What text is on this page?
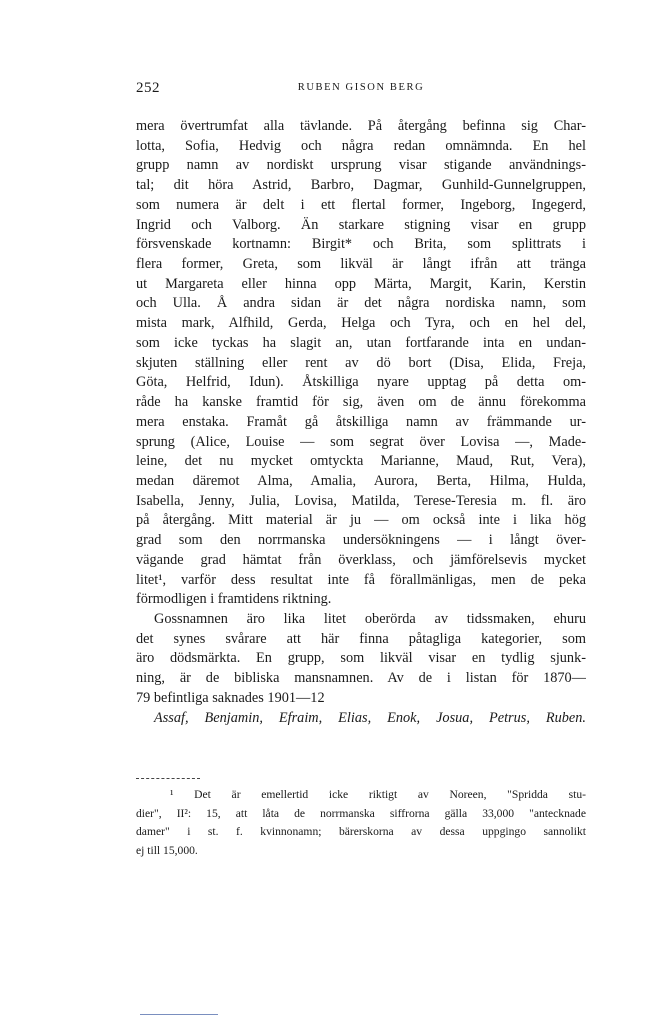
252	RUBEN GISON BERG
mera övertrumfat alla tävlande. På återgång befinna sig Char-
lotta, Sofia, Hedvig och några redan omnämnda. En hel
grupp namn av nordiskt ursprung visar stigande användnings-
tal; dit höra Astrid, Barbro, Dagmar, Gunhild-Gunnelgruppen,
som numera är delt i ett flertal former, Ingeborg, Ingegerd,
Ingrid och Valborg. Än starkare stigning visar en grupp
försvenskade kortnamn: Birgit* och Brita, som splittrats i
flera former, Greta, som likväl är långt ifrån att tränga
ut Margareta eller hinna opp Märta, Margit, Karin, Kerstin
och Ulla. Å andra sidan är det några nordiska namn, som
mista mark, Alfhild, Gerda, Helga och Tyra, och en hel del,
som icke tyckas ha slagit an, utan fortfarande inta en undan-
skjuten ställning eller rent av dö bort (Disa, Elida, Freja,
Göta, Helfrid, Idun). Åtskilliga nyare upptag på detta om-
råde ha kanske framtid för sig, även om de ännu förekomma
mera enstaka. Framåt gå åtskilliga namn av främmande ur-
sprung (Alice, Louise — som segrat över Lovisa —, Made-
leine, det nu mycket omtyckta Marianne, Maud, Rut, Vera),
medan däremot Alma, Amalia, Aurora, Berta, Hilma, Hulda,
Isabella, Jenny, Julia, Lovisa, Matilda, Terese-Teresia m. fl. äro
på återgång. Mitt material är ju — om också inte i lika hög
grad som den norrmanska undersökningens — i långt över-
vägande grad hämtat från överklass, och jämförelsevis mycket
litet¹, varför dess resultat inte få förallmänligas, men de peka
förmodligen i framtidens riktning.
Gossnamnen äro lika litet oberörda av tidssmaken, ehuru
det synes svårare att här finna påtagliga kategorier, som
äro dödsmärkta. En grupp, som likväl visar en tydlig sjunk-
ning, är de bibliska mansnamnen. Av de i listan för 1870—
79 befintliga saknades 1901—12
Assaf, Benjamin, Efraim, Elias, Enok, Josua, Petrus, Ruben.
¹ Det är emellertid icke riktigt av Noreen, "Spridda stu-
dier", II²: 15, att låta de norrmanska siffrorna gälla 33,000 "antecknade
damer" i st. f. kvinnonamn; bärerskorna av dessa uppgingo sannolikt
ej till 15,000.
